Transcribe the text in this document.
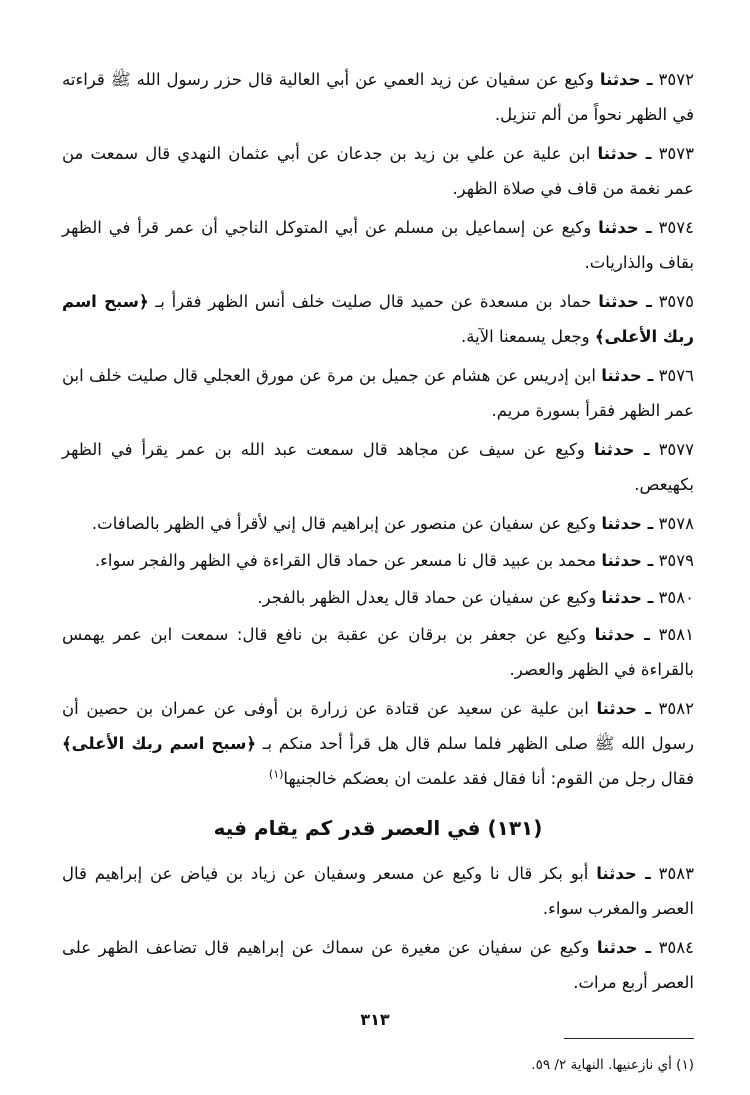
٣٥٧٢ ـ حدثنا وكيع عن سفيان عن زيد العمي عن أبي العالية قال حزر رسول الله ﷺ قراءته في الظهر نحواً من ألم تنزيل.

٣٥٧٣ ـ حدثنا ابن علية عن علي بن زيد بن جدعان عن أبي عثمان النهدي قال سمعت من عمر نغمة من قاف في صلاة الظهر.

٣٥٧٤ ـ حدثنا وكيع عن إسماعيل بن مسلم عن أبي المتوكل الناجي أن عمر قرأ في الظهر بقاف والذاريات.

٣٥٧٥ ـ حدثنا حماد بن مسعدة عن حميد قال صليت خلف أنس الظهر فقرأ بـ ﴿سبح اسم ربك الأعلى﴾ وجعل يسمعنا الآية.

٣٥٧٦ ـ حدثنا ابن إدريس عن هشام عن جميل بن مرة عن مورق العجلي قال صليت خلف ابن عمر الظهر فقرأ بسورة مريم.

٣٥٧٧ ـ حدثنا وكيع عن سيف عن مجاهد قال سمعت عبد الله بن عمر يقرأ في الظهر بكهيعص.

٣٥٧٨ ـ حدثنا وكيع عن سفيان عن منصور عن إبراهيم قال إني لأقرأ في الظهر بالصافات.

٣٥٧٩ ـ حدثنا محمد بن عبيد قال نا مسعر عن حماد قال القراءة في الظهر والفجر سواء.

٣٥٨٠ ـ حدثنا وكيع عن سفيان عن حماد قال يعدل الظهر بالفجر.

٣٥٨١ ـ حدثنا وكيع عن جعفر بن برقان عن عقبة بن نافع قال: سمعت ابن عمر يهمس بالقراءة في الظهر والعصر.

٣٥٨٢ ـ حدثنا ابن علية عن سعيد عن قتادة عن زرارة بن أوفى عن عمران بن حصين أن رسول الله ﷺ صلى الظهر فلما سلم قال هل قرأ أحد منكم بـ ﴿سبح اسم ربك الأعلى﴾ فقال رجل من القوم: أنا فقال فقد علمت ان بعضكم خالجنيها$^{(١)}$

(١٣١) في العصر قدر كم يقام فيه

٣٥٨٣ ـ حدثنا أبو بكر قال نا وكيع عن مسعر وسفيان عن زياد بن فياض عن إبراهيم قال العصر والمغرب سواء.

٣٥٨٤ ـ حدثنا وكيع عن سفيان عن مغيرة عن سماك عن إبراهيم قال تضاعف الظهر على العصر أربع مرات.

(١) أي نازعنيها. النهاية ٢/ ٥٩.
٣١٣
